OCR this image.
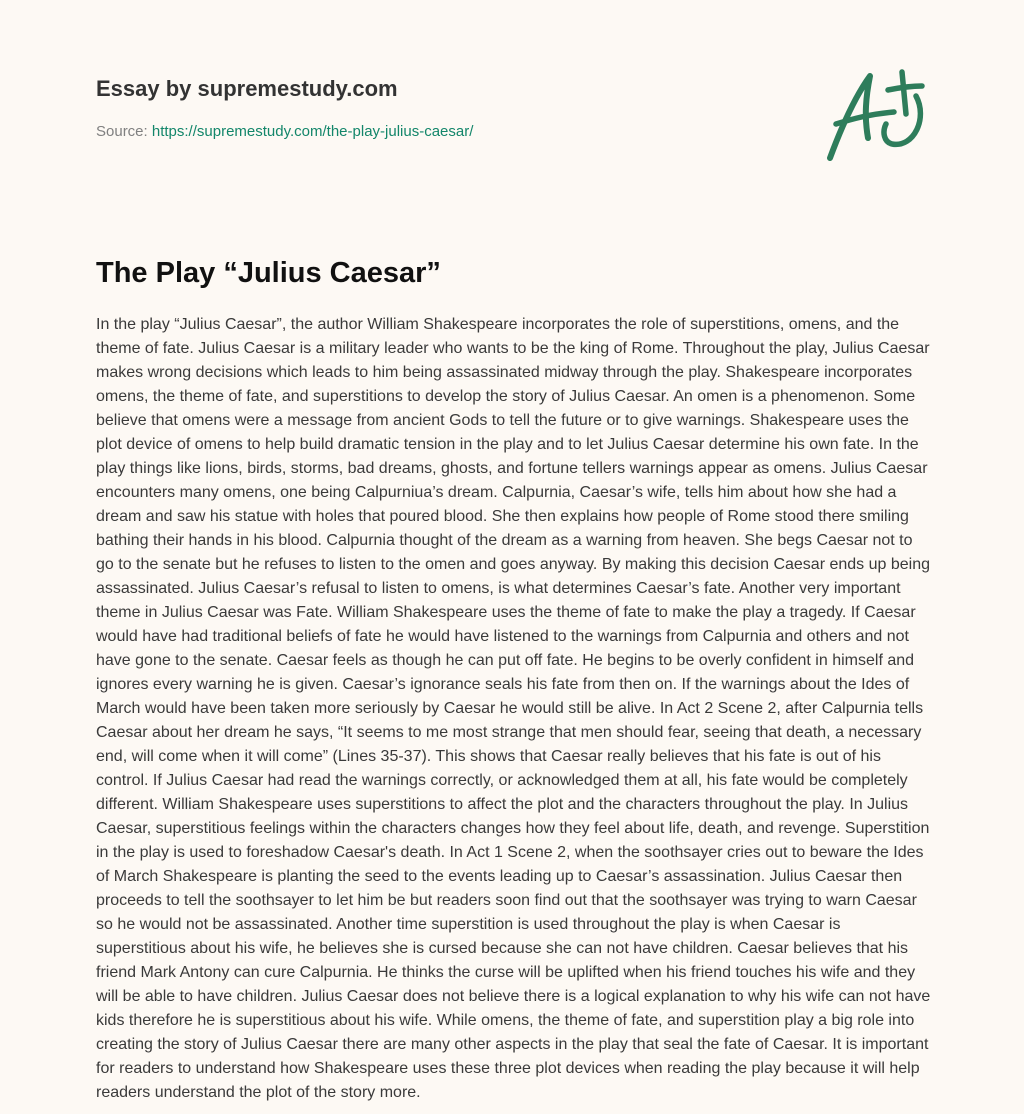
Essay by supremestudy.com
Source: https://supremestudy.com/the-play-julius-caesar/
The Play “Julius Caesar”

In the play “Julius Caesar”, the author William Shakespeare incorporates the role of superstitions, omens, and the theme of fate. Julius Caesar is a military leader who wants to be the king of Rome. Throughout the play, Julius Caesar makes wrong decisions which leads to him being assassinated midway through the play. Shakespeare incorporates omens, the theme of fate, and superstitions to develop the story of Julius Caesar. An omen is a phenomenon. Some believe that omens were a message from ancient Gods to tell the future or to give warnings. Shakespeare uses the plot device of omens to help build dramatic tension in the play and to let Julius Caesar determine his own fate. In the play things like lions, birds, storms, bad dreams, ghosts, and fortune tellers warnings appear as omens. Julius Caesar encounters many omens, one being Calpurniua’s dream. Calpurnia, Caesar’s wife, tells him about how she had a dream and saw his statue with holes that poured blood. She then explains how people of Rome stood there smiling bathing their hands in his blood. Calpurnia thought of the dream as a warning from heaven. She begs Caesar not to go to the senate but he refuses to listen to the omen and goes anyway. By making this decision Caesar ends up being assassinated. Julius Caesar’s refusal to listen to omens, is what determines Caesar’s fate. Another very important theme in Julius Caesar was Fate. William Shakespeare uses the theme of fate to make the play a tragedy. If Caesar would have had traditional beliefs of fate he would have listened to the warnings from Calpurnia and others and not have gone to the senate. Caesar feels as though he can put off fate. He begins to be overly confident in himself and ignores every warning he is given. Caesar’s ignorance seals his fate from then on. If the warnings about the Ides of March would have been taken more seriously by Caesar he would still be alive. In Act 2 Scene 2, after Calpurnia tells Caesar about her dream he says, “It seems to me most strange that men should fear, seeing that death, a necessary end, will come when it will come” (Lines 35-37). This shows that Caesar really believes that his fate is out of his control. If Julius Caesar had read the warnings correctly, or acknowledged them at all, his fate would be completely different. William Shakespeare uses superstitions to affect the plot and the characters throughout the play. In Julius Caesar, superstitious feelings within the characters changes how they feel about life, death, and revenge. Superstition in the play is used to foreshadow Caesar's death. In Act 1 Scene 2, when the soothsayer cries out to beware the Ides of March Shakespeare is planting the seed to the events leading up to Caesar’s assassination. Julius Caesar then proceeds to tell the soothsayer to let him be but readers soon find out that the soothsayer was trying to warn Caesar so he would not be assassinated. Another time superstition is used throughout the play is when Caesar is superstitious about his wife, he believes she is cursed because she can not have children. Caesar believes that his friend Mark Antony can cure Calpurnia. He thinks the curse will be uplifted when his friend touches his wife and they will be able to have children. Julius Caesar does not believe there is a logical explanation to why his wife can not have kids therefore he is superstitious about his wife. While omens, the theme of fate, and superstition play a big role into creating the story of Julius Caesar there are many other aspects in the play that seal the fate of Caesar. It is important for readers to understand how Shakespeare uses these three plot devices when reading the play because it will help readers understand the plot of the story more.
